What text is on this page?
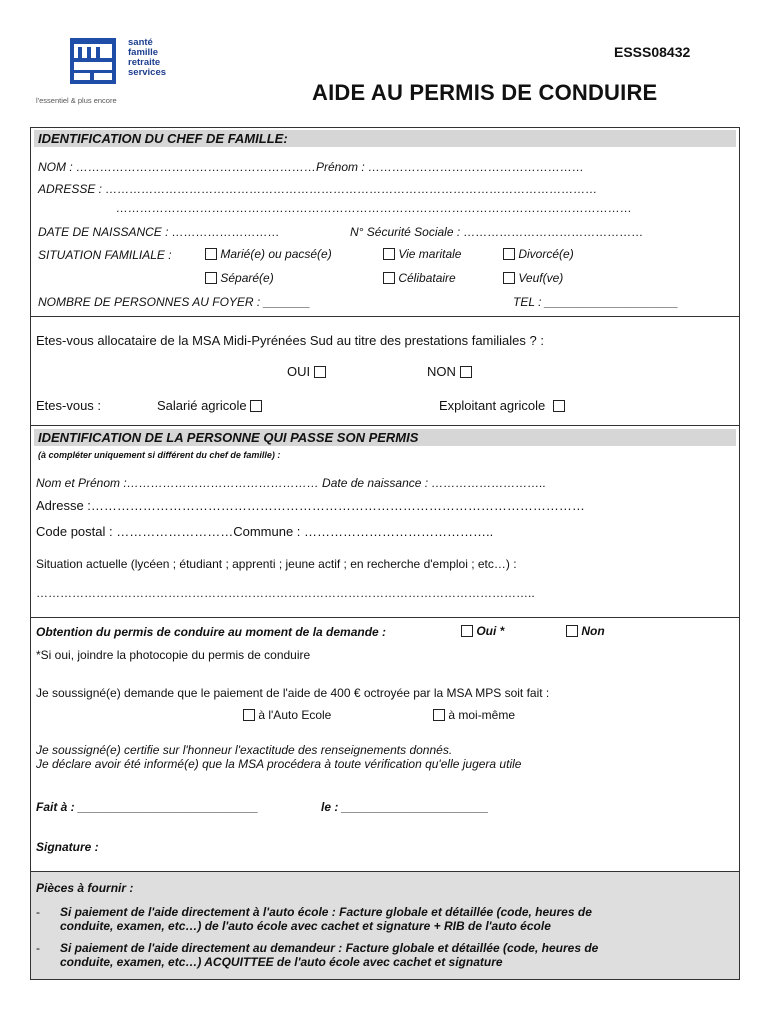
santé
famille
retraite
services
l'essentiel & plus encore
ESSS08432
AIDE AU PERMIS DE CONDUIRE
IDENTIFICATION DU CHEF DE FAMILLE:
NOM : ……………………………………………………Prénom : ………………………………………………
ADRESSE : ……………………………………………………………………………………………………………
…………………………………………………………………………………………………………………
DATE DE NAISSANCE : ………………………	N° Sécurité Sociale : ………………………………………
SITUATION FAMILIALE :	Marié(e) ou pacsé(e)	Vie maritale	Divorcé(e)
Séparé(e)	Célibataire	Veuf(ve)
NOMBRE DE PERSONNES AU FOYER : _______	TEL : ____________________
Etes-vous allocataire de la MSA Midi-Pyrénées Sud au titre des prestations familiales ? :
OUI	NON
Etes-vous :	Salarié agricole	Exploitant agricole
IDENTIFICATION DE LA PERSONNE QUI PASSE SON PERMIS
(à compléter uniquement si différent du chef de famille) :
Nom et Prénom :………………………………………… Date de naissance : ………………………..
Adresse :……………………………………………………………………………………………………
Code postal : ………………………Commune : ……………………………………..
Situation actuelle (lycéen ; étudiant ; apprenti ; jeune actif ; en recherche d'emploi ; etc…) :
……………………………………………………………………………………………………………..
Obtention du permis de conduire au moment de la demande :	Oui *	Non
*Si oui, joindre la photocopie du permis de conduire
Je soussigné(e) demande que le paiement de l'aide de 400 € octroyée par la MSA MPS soit fait :
à l'Auto Ecole	à moi-même
Je soussigné(e) certifie sur l'honneur l'exactitude des renseignements donnés.
Je déclare avoir été informé(e) que la MSA procédera à toute vérification qu'elle jugera utile
Fait à : ___________________________	le : ______________________
Signature :
Pièces à fournir :
- Si paiement de l'aide directement à l'auto école : Facture globale et détaillée (code, heures de
conduite, examen, etc…) de l'auto école avec cachet et signature + RIB de l'auto école
- Si paiement de l'aide directement au demandeur : Facture globale et détaillée (code, heures de
conduite, examen, etc…) ACQUITTEE de l'auto école avec cachet et signature
